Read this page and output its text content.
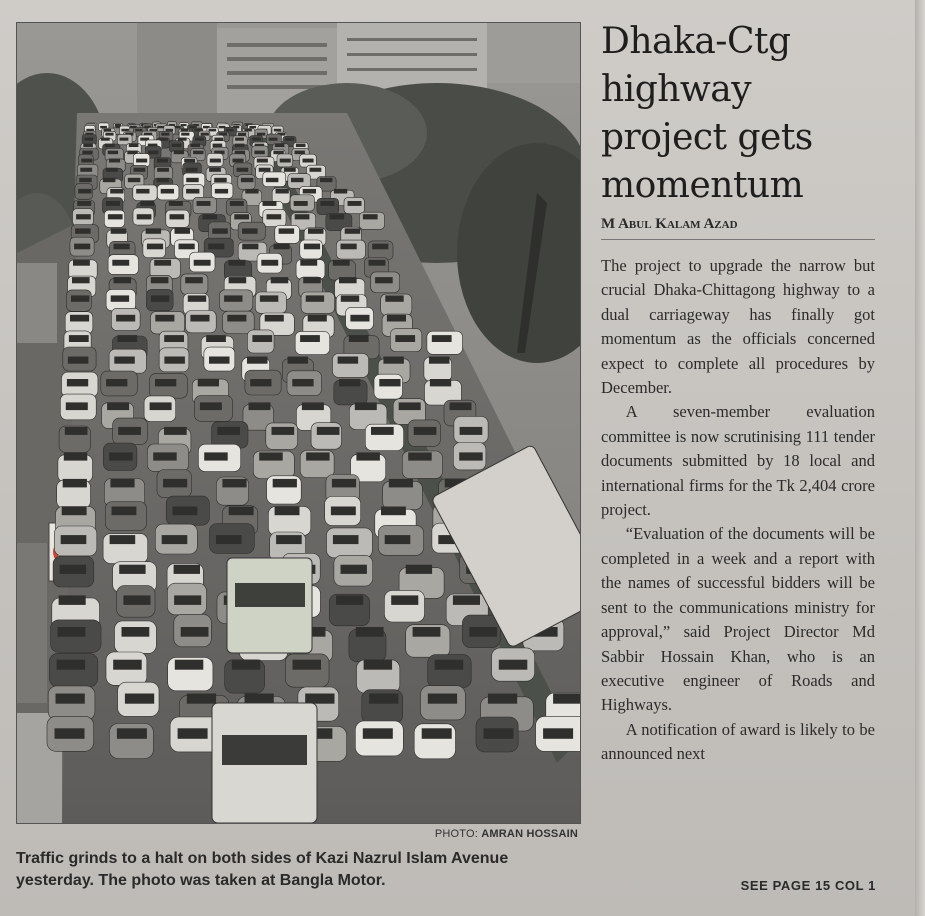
PHOTO: AMRAN HOSSAIN
Traffic grinds to a halt on both sides of Kazi Nazrul Islam Avenue yesterday. The photo was taken at Bangla Motor.
Dhaka-Ctg highway project gets momentum
M Abul Kalam Azad

The project to upgrade the narrow but crucial Dhaka-Chittagong highway to a dual carriageway has finally got momentum as the officials concerned expect to complete all procedures by December.

A seven-member evaluation committee is now scrutinising 111 tender documents submitted by 18 local and international firms for the Tk 2,404 crore project.

“Evaluation of the documents will be completed in a week and a report with the names of successful bidders will be sent to the communications ministry for approval,” said Project Director Md Sabbir Hossain Khan, who is an executive engineer of Roads and Highways.

A notification of award is likely to be announced next

SEE PAGE 15 COL 1
